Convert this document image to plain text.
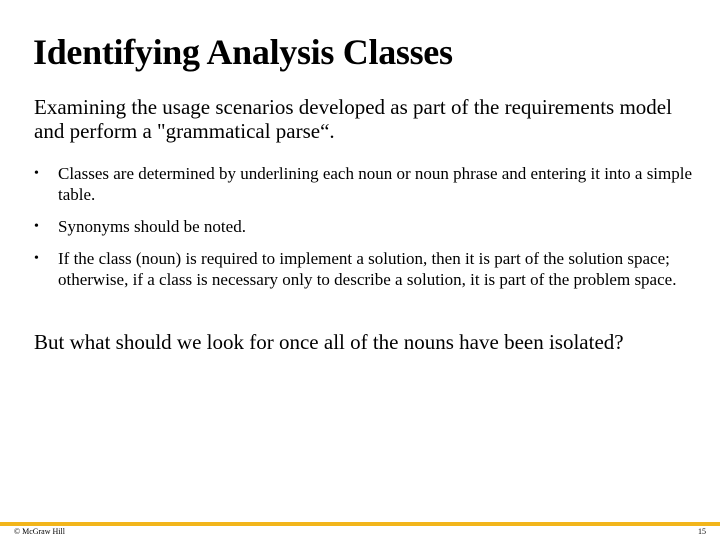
Identifying Analysis Classes

Examining the usage scenarios developed as part of the requirements model and perform a "grammatical parse“.

• Classes are determined by underlining each noun or noun phrase and entering it into a simple table.
• Synonyms should be noted.
• If the class (noun) is required to implement a solution, then it is part of the solution space; otherwise, if a class is necessary only to describe a solution, it is part of the problem space.

But what should we look for once all of the nouns have been isolated?

© McGraw Hill	15
